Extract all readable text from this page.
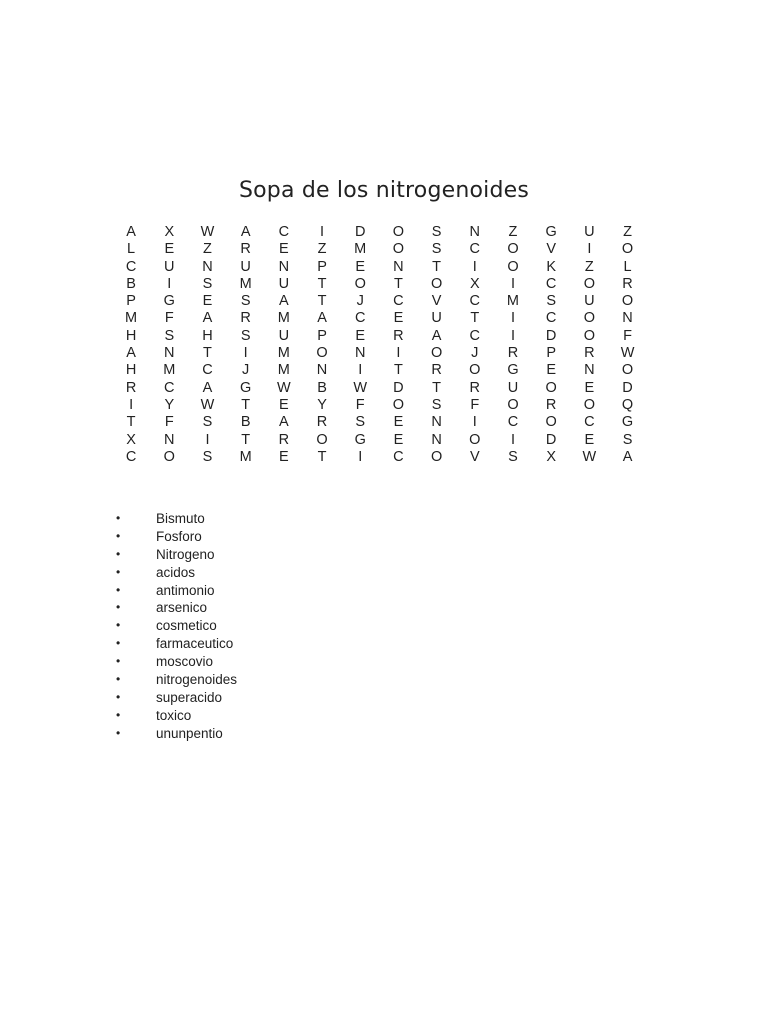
Sopa de los nitrogenoides
A	X	W	A	C	I	D	O	S	N	Z	G	U	Z
L	E	Z	R	E	Z	M	O	S	C	O	V	I	O
C	U	N	U	N	P	E	N	T	I	O	K	Z	L
B	I	S	M	U	T	O	T	O	X	I	C	O	R
P	G	E	S	A	T	J	C	V	C	M	S	U	O
M	F	A	R	M	A	C	E	U	T	I	C	O	N
H	S	H	S	U	P	E	R	A	C	I	D	O	F
A	N	T	I	M	O	N	I	O	J	R	P	R	W
H	M	C	J	M	N	I	T	R	O	G	E	N	O
R	C	A	G	W	B	W	D	T	R	U	O	E	D
I	Y	W	T	E	Y	F	O	S	F	O	R	O	Q
T	F	S	B	A	R	S	E	N	I	C	O	C	G
X	N	I	T	R	O	G	E	N	O	I	D	E	S
C	O	S	M	E	T	I	C	O	V	S	X	W	A
•	Bismuto
•	Fosforo
•	Nitrogeno
•	acidos
•	antimonio
•	arsenico
•	cosmetico
•	farmaceutico
•	moscovio
•	nitrogenoides
•	superacido
•	toxico
•	ununpentio
